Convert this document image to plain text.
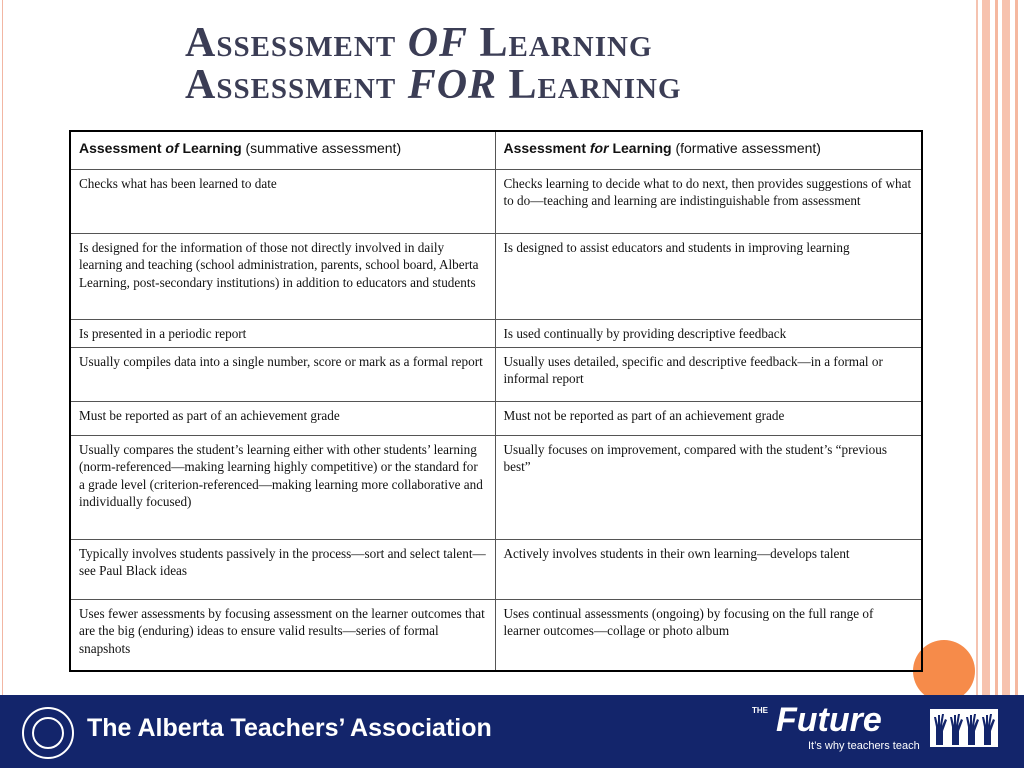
Assessment OF Learning
Assessment FOR Learning
Assessment of Learning (summative assessment)	Assessment for Learning (formative assessment)
Checks what has been learned to date	Checks learning to decide what to do next, then provides suggestions of what to do—teaching and learning are indistinguishable from assessment
Is designed for the information of those not directly involved in daily learning and teaching (school administration, parents, school board, Alberta Learning, post-secondary institutions) in addition to educators and students	Is designed to assist educators and students in improving learning
Is presented in a periodic report	Is used continually by providing descriptive feedback
Usually compiles data into a single number, score or mark as a formal report	Usually uses detailed, specific and descriptive feedback—in a formal or informal report
Must be reported as part of an achievement grade	Must not be reported as part of an achievement grade
Usually compares the student’s learning either with other students’ learning (norm-referenced—making learning highly competitive) or the standard for a grade level (criterion-referenced—making learning more collaborative and individually focused)	Usually focuses on improvement, compared with the student’s “previous best”
Typically involves students passively in the process—sort and select talent—see Paul Black ideas	Actively involves students in their own learning—develops talent
Uses fewer assessments by focusing assessment on the learner outcomes that are the big (enduring) ideas to ensure valid results—series of formal snapshots	Uses continual assessments (ongoing) by focusing on the full range of learner outcomes—collage or photo album
The Alberta Teachers’ Association
THE Future
It’s why teachers teach
